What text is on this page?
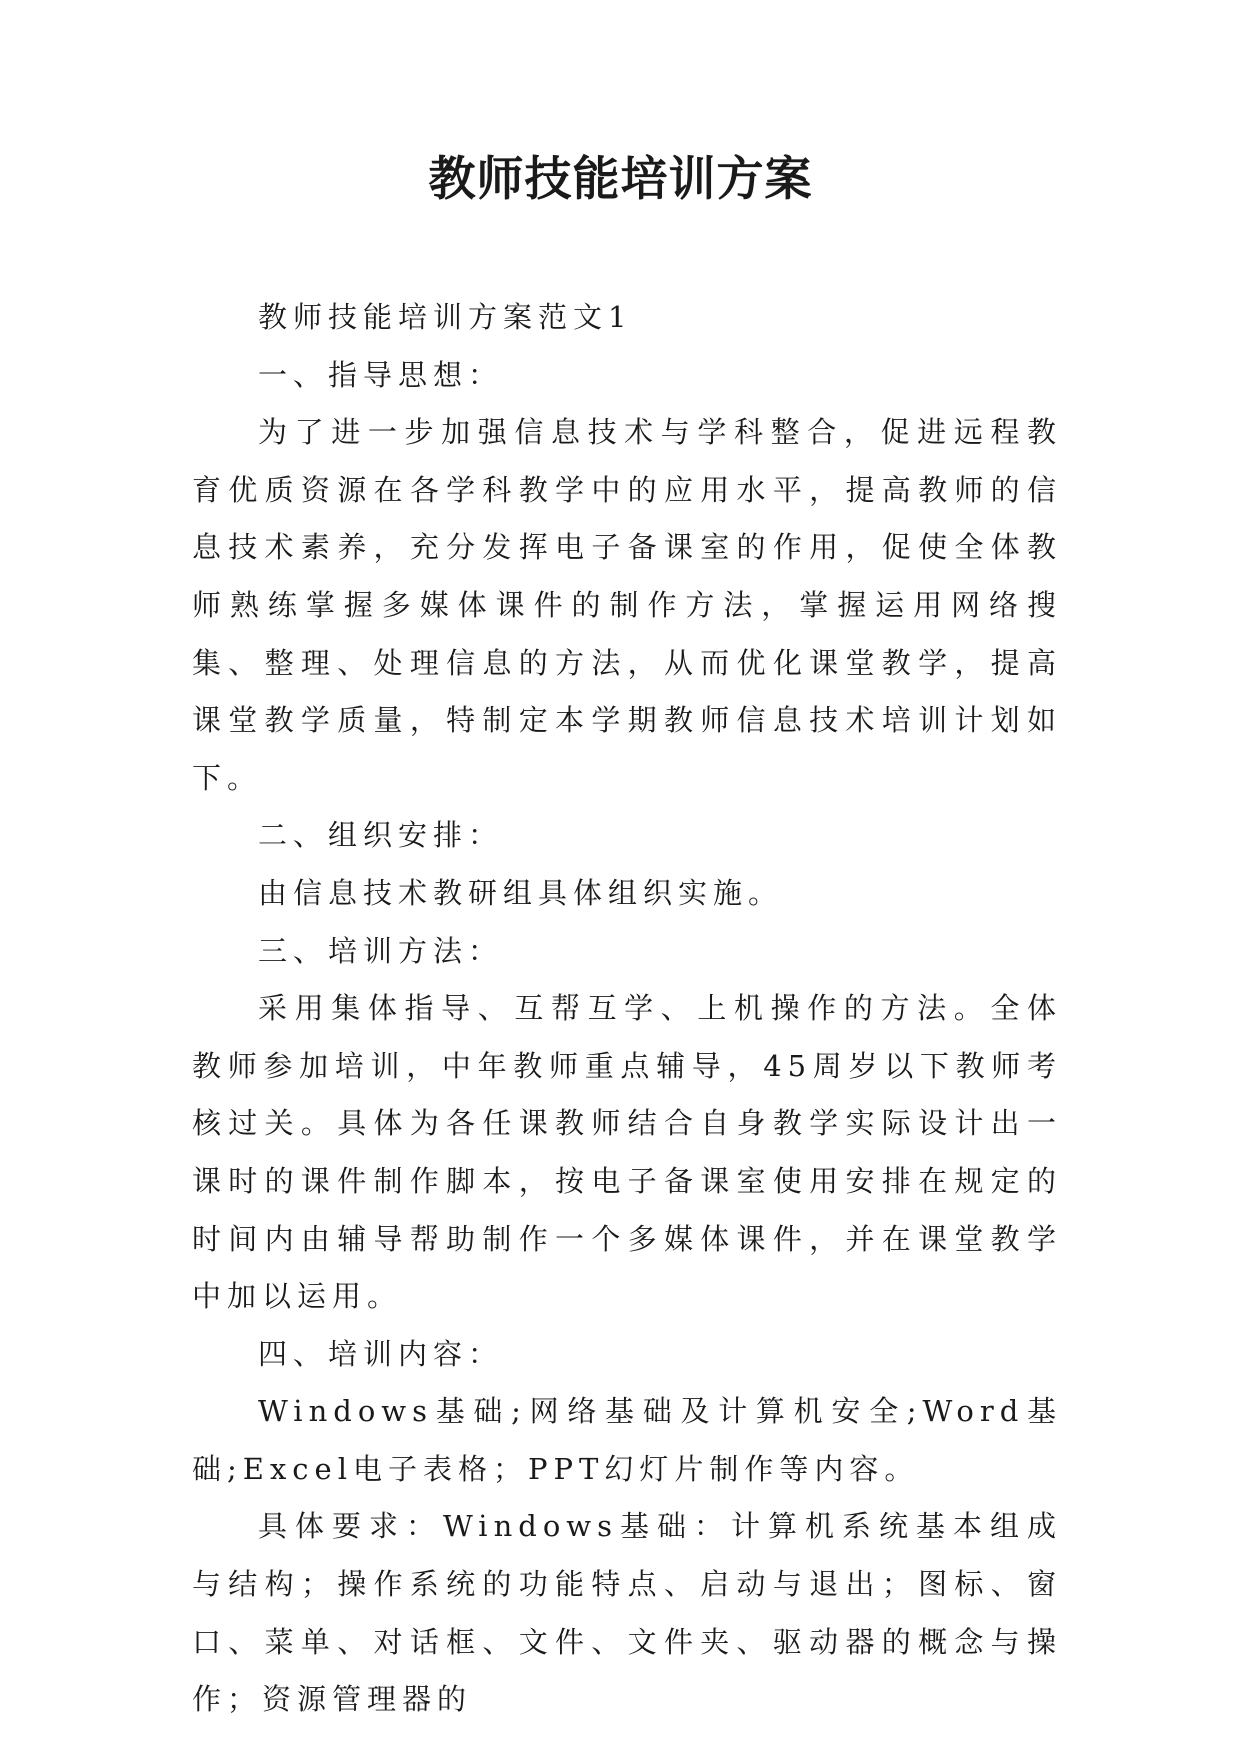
教师技能培训方案

教师技能培训方案范文1

一、指导思想：

为了进一步加强信息技术与学科整合，促进远程教育优质资源在各学科教学中的应用水平，提高教师的信息技术素养，充分发挥电子备课室的作用，促使全体教师熟练掌握多媒体课件的制作方法，掌握运用网络搜集、整理、处理信息的方法，从而优化课堂教学，提高课堂教学质量，特制定本学期教师信息技术培训计划如下。

二、组织安排：

由信息技术教研组具体组织实施。

三、培训方法：

采用集体指导、互帮互学、上机操作的方法。全体教师参加培训，中年教师重点辅导，45周岁以下教师考核过关。具体为各任课教师结合自身教学实际设计出一课时的课件制作脚本，按电子备课室使用安排在规定的时间内由辅导帮助制作一个多媒体课件，并在课堂教学中加以运用。

四、培训内容：

Windows基础;网络基础及计算机安全;Word基础;Excel电子表格；PPT幻灯片制作等内容。

具体要求：Windows基础：计算机系统基本组成与结构；操作系统的功能特点、启动与退出；图标、窗口、菜单、对话框、文件、文件夹、驱动器的概念与操作；资源管理器的
